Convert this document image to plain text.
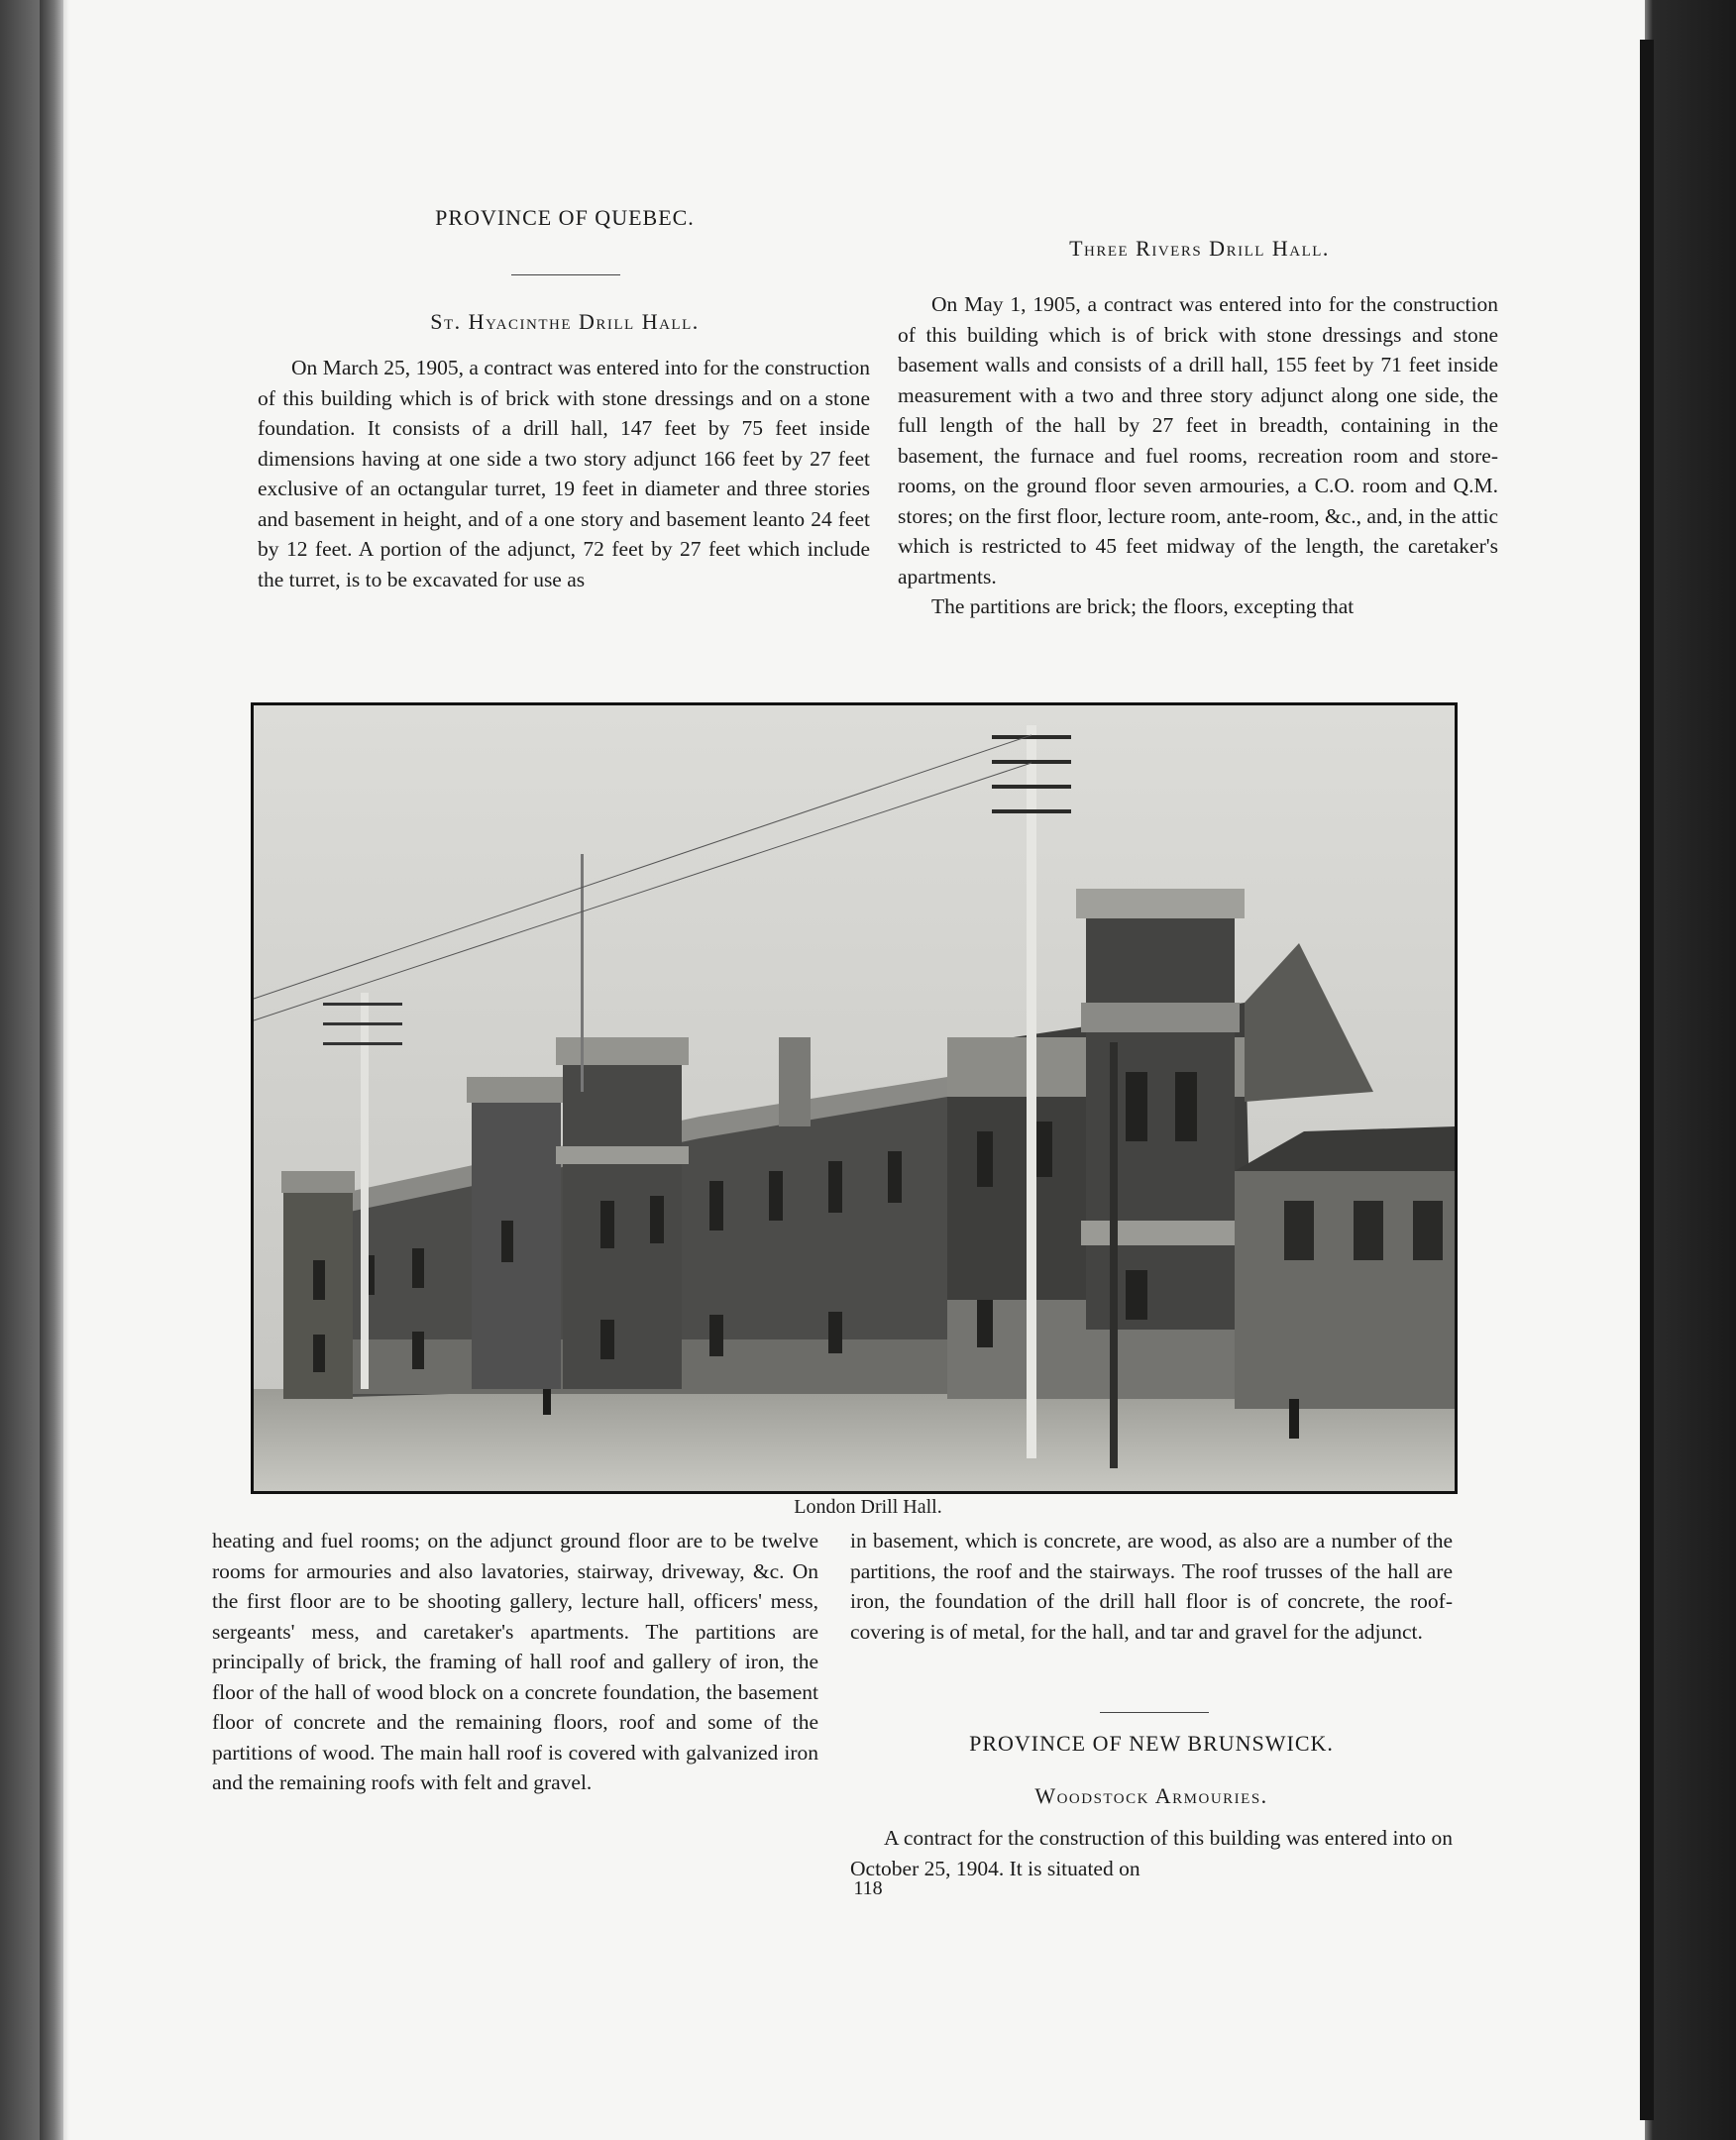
PROVINCE OF QUEBEC.
St. Hyacinthe Drill Hall.

On March 25, 1905, a contract was entered into for the construction of this building which is of brick with stone dressings and on a stone foundation. It consists of a drill hall, 147 feet by 75 feet inside dimensions having at one side a two story adjunct 166 feet by 27 feet exclusive of an octangular turret, 19 feet in diameter and three stories and basement in height, and of a one story and basement leanto 24 feet by 12 feet. A portion of the adjunct, 72 feet by 27 feet which include the turret, is to be excavated for use as

Three Rivers Drill Hall.

On May 1, 1905, a contract was entered into for the construction of this building which is of brick with stone dressings and stone basement walls and consists of a drill hall, 155 feet by 71 feet inside measurement with a two and three story adjunct along one side, the full length of the hall by 27 feet in breadth, containing in the basement, the furnace and fuel rooms, recreation room and store-rooms, on the ground floor seven armouries, a C.O. room and Q.M. stores; on the first floor, lecture room, ante-room, &c., and, in the attic which is restricted to 45 feet midway of the length, the caretaker's apartments.

The partitions are brick; the floors, excepting that

London Drill Hall.

heating and fuel rooms; on the adjunct ground floor are to be twelve rooms for armouries and also lavatories, stairway, driveway, &c. On the first floor are to be shooting gallery, lecture hall, officers' mess, sergeants' mess, and caretaker's apartments. The partitions are principally of brick, the framing of hall roof and gallery of iron, the floor of the hall of wood block on a concrete foundation, the basement floor of concrete and the remaining floors, roof and some of the partitions of wood. The main hall roof is covered with galvanized iron and the remaining roofs with felt and gravel.

in basement, which is concrete, are wood, as also are a number of the partitions, the roof and the stairways. The roof trusses of the hall are iron, the foundation of the drill hall floor is of concrete, the roof-covering is of metal, for the hall, and tar and gravel for the adjunct.

PROVINCE OF NEW BRUNSWICK.
Woodstock Armouries.

A contract for the construction of this building was entered into on October 25, 1904. It is situated on

118
